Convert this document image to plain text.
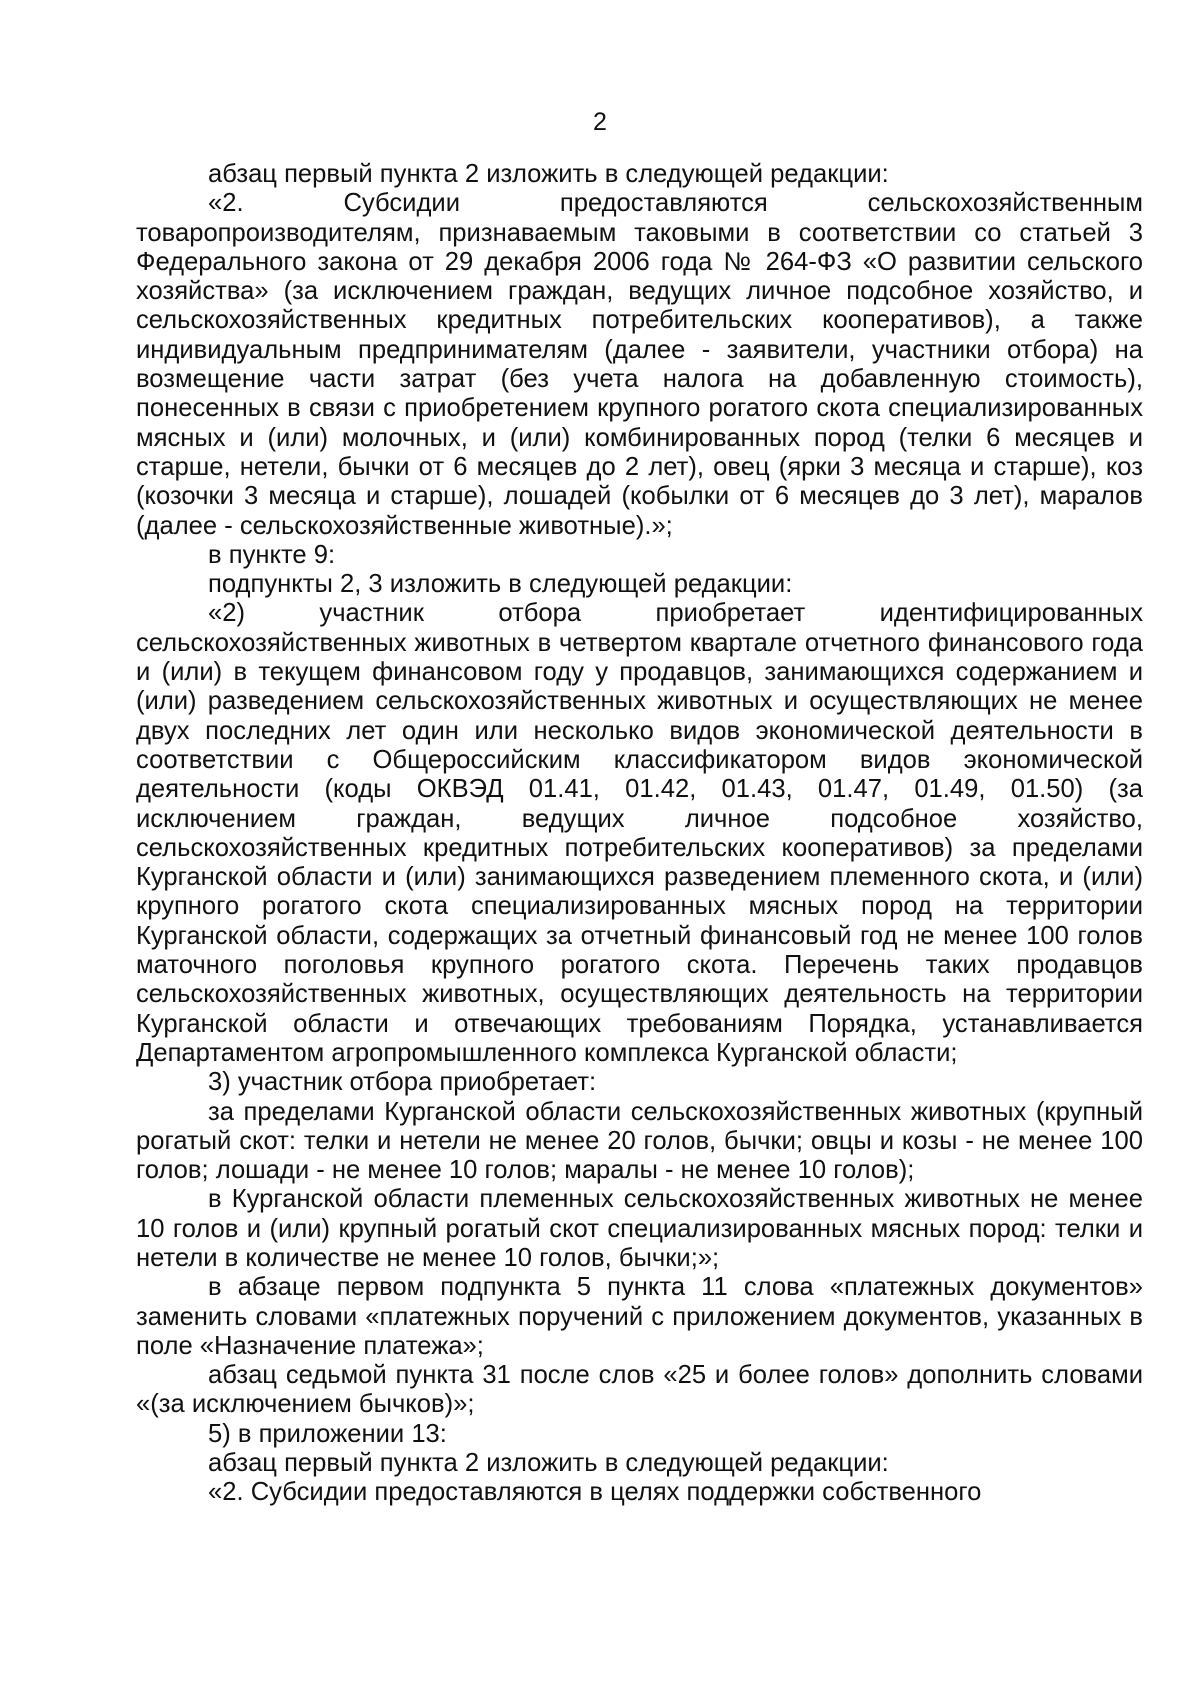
2

абзац первый пункта 2 изложить в следующей редакции:

«2. Субсидии предоставляются сельскохозяйственным товаропроизводителям, признаваемым таковыми в соответствии со статьей 3 Федерального закона от 29 декабря 2006 года № 264-ФЗ «О развитии сельского хозяйства» (за исключением граждан, ведущих личное подсобное хозяйство, и сельскохозяйственных кредитных потребительских кооперативов), а также индивидуальным предпринимателям (далее - заявители, участники отбора) на возмещение части затрат (без учета налога на добавленную стоимость), понесенных в связи с приобретением крупного рогатого скота специализированных мясных и (или) молочных, и (или) комбинированных пород (телки 6 месяцев и старше, нетели, бычки от 6 месяцев до 2 лет), овец (ярки 3 месяца и старше), коз (козочки 3 месяца и старше), лошадей (кобылки от 6 месяцев до 3 лет), маралов (далее - сельскохозяйственные животные).»;

в пункте 9:

подпункты 2, 3 изложить в следующей редакции:

«2) участник отбора приобретает идентифицированных сельскохозяйственных животных в четвертом квартале отчетного финансового года и (или) в текущем финансовом году у продавцов, занимающихся содержанием и (или) разведением сельскохозяйственных животных и осуществляющих не менее двух последних лет один или несколько видов экономической деятельности в соответствии с Общероссийским классификатором видов экономической деятельности (коды ОКВЭД 01.41, 01.42, 01.43, 01.47, 01.49, 01.50) (за исключением граждан, ведущих личное подсобное хозяйство, сельскохозяйственных кредитных потребительских кооперативов) за пределами Курганской области и (или) занимающихся разведением племенного скота, и (или) крупного рогатого скота специализированных мясных пород на территории Курганской области, содержащих за отчетный финансовый год не менее 100 голов маточного поголовья крупного рогатого скота. Перечень таких продавцов сельскохозяйственных животных, осуществляющих деятельность на территории Курганской области и отвечающих требованиям Порядка, устанавливается Департаментом агропромышленного комплекса Курганской области;

3) участник отбора приобретает:

за пределами Курганской области сельскохозяйственных животных (крупный рогатый скот: телки и нетели не менее 20 голов, бычки; овцы и козы - не менее 100 голов; лошади - не менее 10 голов; маралы - не менее 10 голов);

в Курганской области племенных сельскохозяйственных животных не менее 10 голов и (или) крупный рогатый скот специализированных мясных пород: телки и нетели в количестве не менее 10 голов, бычки;»;

в абзаце первом подпункта 5 пункта 11 слова «платежных документов» заменить словами «платежных поручений с приложением документов, указанных в поле «Назначение платежа»;

абзац седьмой пункта 31 после слов «25 и более голов» дополнить словами «(за исключением бычков)»;

5) в приложении 13:

абзац первый пункта 2 изложить в следующей редакции:

«2. Субсидии предоставляются в целях поддержки собственного
